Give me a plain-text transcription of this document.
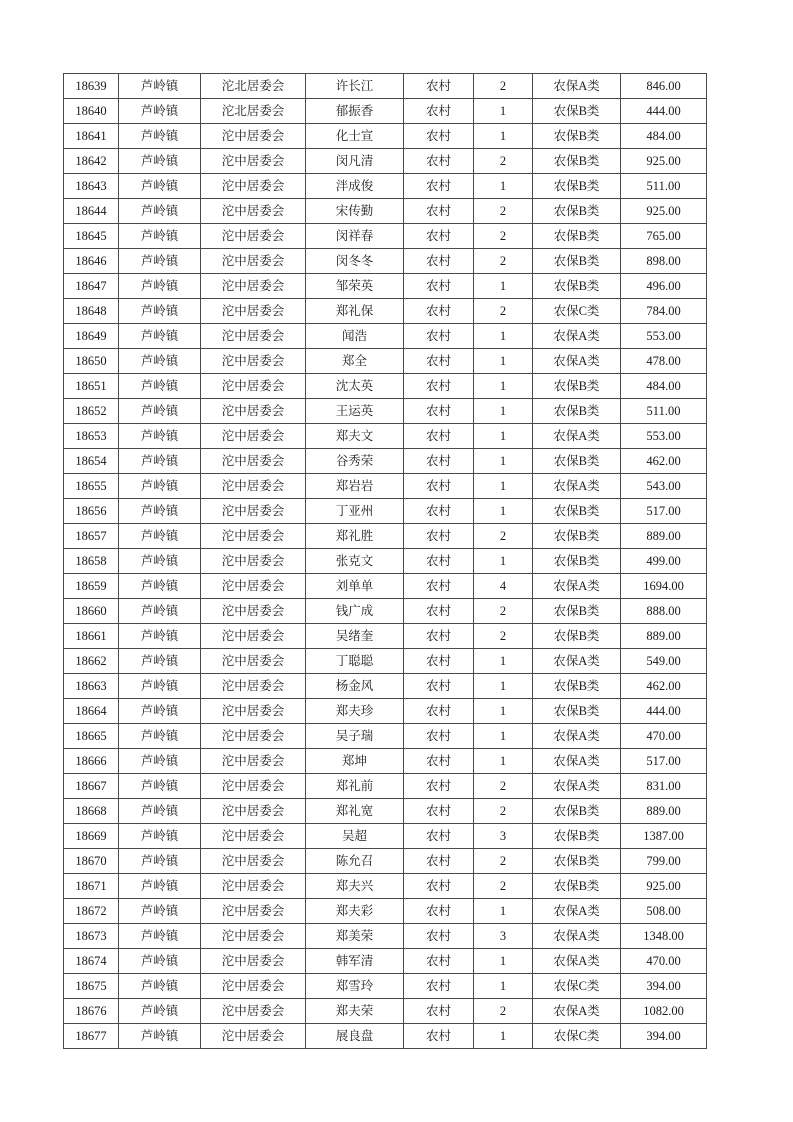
18639	芦岭镇	沱北居委会	许长江	农村	2	农保A类	846.00
18640	芦岭镇	沱北居委会	郁振香	农村	1	农保B类	444.00
18641	芦岭镇	沱中居委会	化士宣	农村	1	农保B类	484.00
18642	芦岭镇	沱中居委会	闵凡清	农村	2	农保B类	925.00
18643	芦岭镇	沱中居委会	泮成俊	农村	1	农保B类	511.00
18644	芦岭镇	沱中居委会	宋传勤	农村	2	农保B类	925.00
18645	芦岭镇	沱中居委会	闵祥春	农村	2	农保B类	765.00
18646	芦岭镇	沱中居委会	闵冬冬	农村	2	农保B类	898.00
18647	芦岭镇	沱中居委会	邹荣英	农村	1	农保B类	496.00
18648	芦岭镇	沱中居委会	郑礼保	农村	2	农保C类	784.00
18649	芦岭镇	沱中居委会	闻浩	农村	1	农保A类	553.00
18650	芦岭镇	沱中居委会	郑全	农村	1	农保A类	478.00
18651	芦岭镇	沱中居委会	沈太英	农村	1	农保B类	484.00
18652	芦岭镇	沱中居委会	王运英	农村	1	农保B类	511.00
18653	芦岭镇	沱中居委会	郑夫文	农村	1	农保A类	553.00
18654	芦岭镇	沱中居委会	谷秀荣	农村	1	农保B类	462.00
18655	芦岭镇	沱中居委会	郑岩岩	农村	1	农保A类	543.00
18656	芦岭镇	沱中居委会	丁亚州	农村	1	农保B类	517.00
18657	芦岭镇	沱中居委会	郑礼胜	农村	2	农保B类	889.00
18658	芦岭镇	沱中居委会	张克文	农村	1	农保B类	499.00
18659	芦岭镇	沱中居委会	刘单单	农村	4	农保A类	1694.00
18660	芦岭镇	沱中居委会	钱广成	农村	2	农保B类	888.00
18661	芦岭镇	沱中居委会	吴绪奎	农村	2	农保B类	889.00
18662	芦岭镇	沱中居委会	丁聪聪	农村	1	农保A类	549.00
18663	芦岭镇	沱中居委会	杨金风	农村	1	农保B类	462.00
18664	芦岭镇	沱中居委会	郑夫珍	农村	1	农保B类	444.00
18665	芦岭镇	沱中居委会	吴子瑞	农村	1	农保A类	470.00
18666	芦岭镇	沱中居委会	郑坤	农村	1	农保A类	517.00
18667	芦岭镇	沱中居委会	郑礼前	农村	2	农保A类	831.00
18668	芦岭镇	沱中居委会	郑礼宽	农村	2	农保B类	889.00
18669	芦岭镇	沱中居委会	吴超	农村	3	农保B类	1387.00
18670	芦岭镇	沱中居委会	陈允召	农村	2	农保B类	799.00
18671	芦岭镇	沱中居委会	郑夫兴	农村	2	农保B类	925.00
18672	芦岭镇	沱中居委会	郑夫彩	农村	1	农保A类	508.00
18673	芦岭镇	沱中居委会	郑美荣	农村	3	农保A类	1348.00
18674	芦岭镇	沱中居委会	韩军清	农村	1	农保A类	470.00
18675	芦岭镇	沱中居委会	郑雪玲	农村	1	农保C类	394.00
18676	芦岭镇	沱中居委会	郑夫荣	农村	2	农保A类	1082.00
18677	芦岭镇	沱中居委会	展良盘	农村	1	农保C类	394.00
